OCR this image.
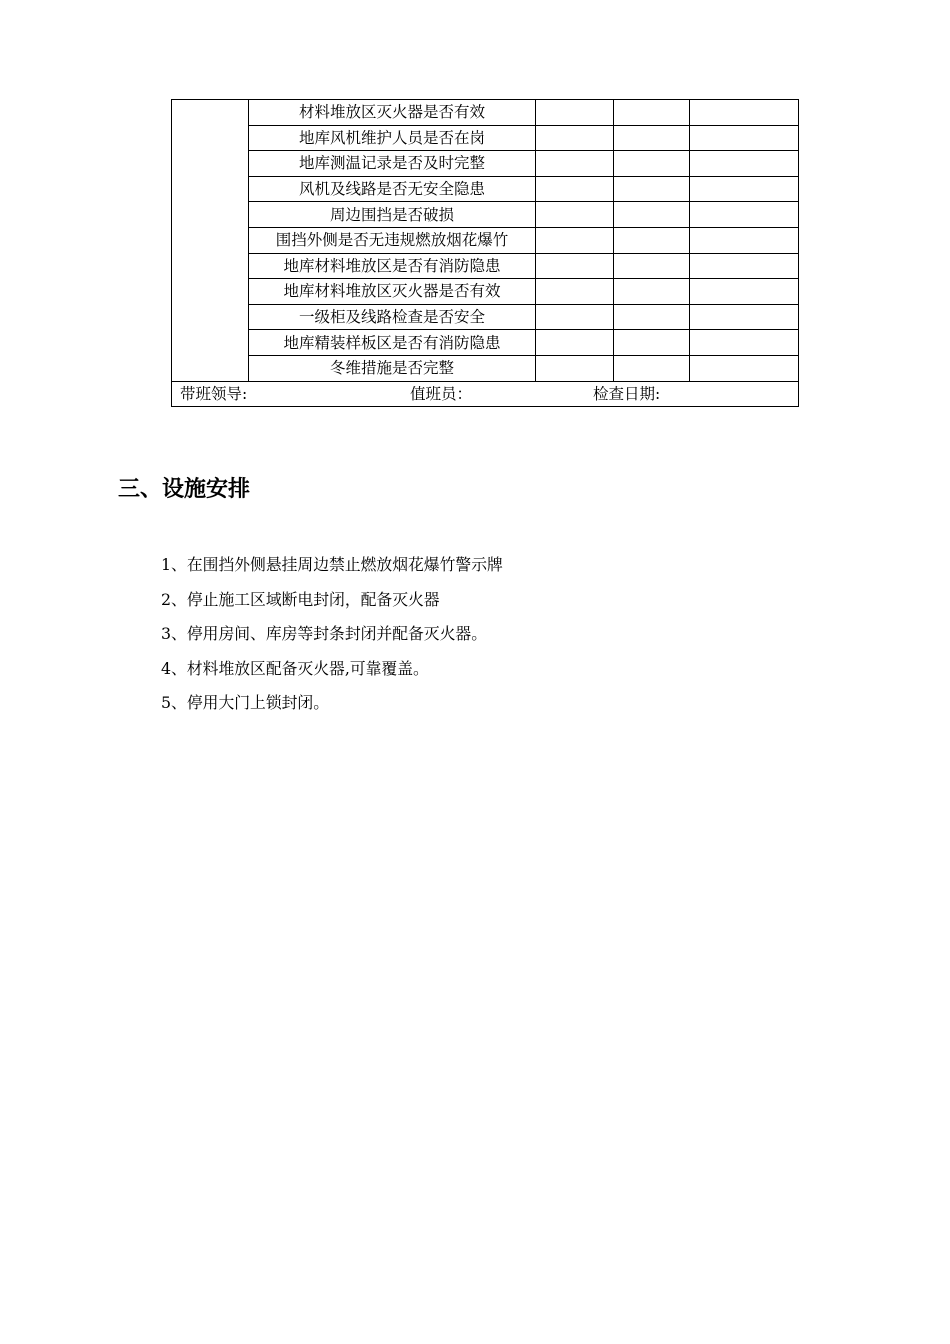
	材料堆放区灭火器是否有效			
	地库风机维护人员是否在岗			
	地库测温记录是否及时完整			
	风机及线路是否无安全隐患			
	周边围挡是否破损			
	围挡外侧是否无违规燃放烟花爆竹			
	地库材料堆放区是否有消防隐患			
	地库材料堆放区灭火器是否有效			
	一级柜及线路检查是否安全			
	地库精装样板区是否有消防隐患			
	冬维措施是否完整			

带班领导: 值班员： 检查日期:				
三、设施安排
1、在围挡外侧悬挂周边禁止燃放烟花爆竹警示牌
2、停止施工区域断电封闭，配备灭火器
3、停用房间、库房等封条封闭并配备灭火器。
4、材料堆放区配备灭火器,可靠覆盖。
5、停用大门上锁封闭。
